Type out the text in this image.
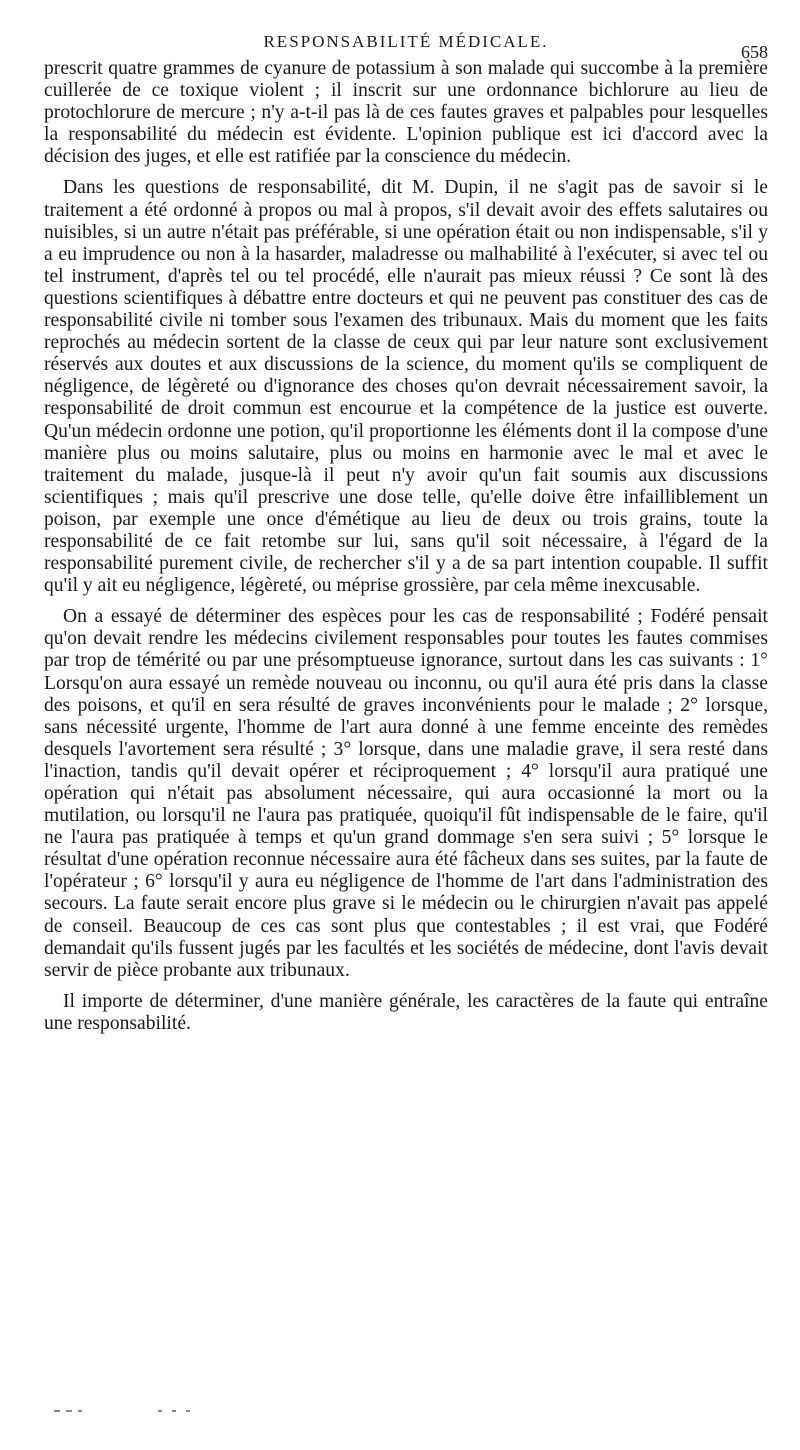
RESPONSABILITÉ MÉDICALE.
658

prescrit quatre grammes de cyanure de potassium à son malade qui succombe à la première cuillerée de ce toxique violent ; il inscrit sur une ordonnance bichlorure au lieu de protochlorure de mercure ; n'y a-t-il pas là de ces fautes graves et palpables pour lesquelles la responsabilité du médecin est évidente. L'opinion publique est ici d'accord avec la décision des juges, et elle est ratifiée par la conscience du médecin.

Dans les questions de responsabilité, dit M. Dupin, il ne s'agit pas de savoir si le traitement a été ordonné à propos ou mal à propos, s'il devait avoir des effets salutaires ou nuisibles, si un autre n'était pas préférable, si une opération était ou non indispensable, s'il y a eu imprudence ou non à la hasarder, maladresse ou malhabilité à l'exécuter, si avec tel ou tel instrument, d'après tel ou tel procédé, elle n'aurait pas mieux réussi ? Ce sont là des questions scientifiques à débattre entre docteurs et qui ne peuvent pas constituer des cas de responsabilité civile ni tomber sous l'examen des tribunaux. Mais du moment que les faits reprochés au médecin sortent de la classe de ceux qui par leur nature sont exclusivement réservés aux doutes et aux discussions de la science, du moment qu'ils se compliquent de négligence, de légèreté ou d'ignorance des choses qu'on devrait nécessairement savoir, la responsabilité de droit commun est encourue et la compétence de la justice est ouverte. Qu'un médecin ordonne une potion, qu'il proportionne les éléments dont il la compose d'une manière plus ou moins salutaire, plus ou moins en harmonie avec le mal et avec le traitement du malade, jusque-là il peut n'y avoir qu'un fait soumis aux discussions scientifiques ; mais qu'il prescrive une dose telle, qu'elle doive être infailliblement un poison, par exemple une once d'émétique au lieu de deux ou trois grains, toute la responsabilité de ce fait retombe sur lui, sans qu'il soit nécessaire, à l'égard de la responsabilité purement civile, de rechercher s'il y a de sa part intention coupable. Il suffit qu'il y ait eu négligence, légèreté, ou méprise grossière, par cela même inexcusable.

On a essayé de déterminer des espèces pour les cas de responsabilité ; Fodéré pensait qu'on devait rendre les médecins civilement responsables pour toutes les fautes commises par trop de témérité ou par une présomptueuse ignorance, surtout dans les cas suivants : 1° Lorsqu'on aura essayé un remède nouveau ou inconnu, ou qu'il aura été pris dans la classe des poisons, et qu'il en sera résulté de graves inconvénients pour le malade ; 2° lorsque, sans nécessité urgente, l'homme de l'art aura donné à une femme enceinte des remèdes desquels l'avortement sera résulté ; 3° lorsque, dans une maladie grave, il sera resté dans l'inaction, tandis qu'il devait opérer et réciproquement ; 4° lorsqu'il aura pratiqué une opération qui n'était pas absolument nécessaire, qui aura occasionné la mort ou la mutilation, ou lorsqu'il ne l'aura pas pratiquée, quoiqu'il fût indispensable de le faire, qu'il ne l'aura pas pratiquée à temps et qu'un grand dommage s'en sera suivi ; 5° lorsque le résultat d'une opération reconnue nécessaire aura été fâcheux dans ses suites, par la faute de l'opérateur ; 6° lorsqu'il y aura eu négligence de l'homme de l'art dans l'administration des secours. La faute serait encore plus grave si le médecin ou le chirurgien n'avait pas appelé de conseil. Beaucoup de ces cas sont plus que contestables ; il est vrai, que Fodéré demandait qu'ils fussent jugés par les facultés et les sociétés de médecine, dont l'avis devait servir de pièce probante aux tribunaux.

Il importe de déterminer, d'une manière générale, les caractères de la faute qui entraîne une responsabilité.
